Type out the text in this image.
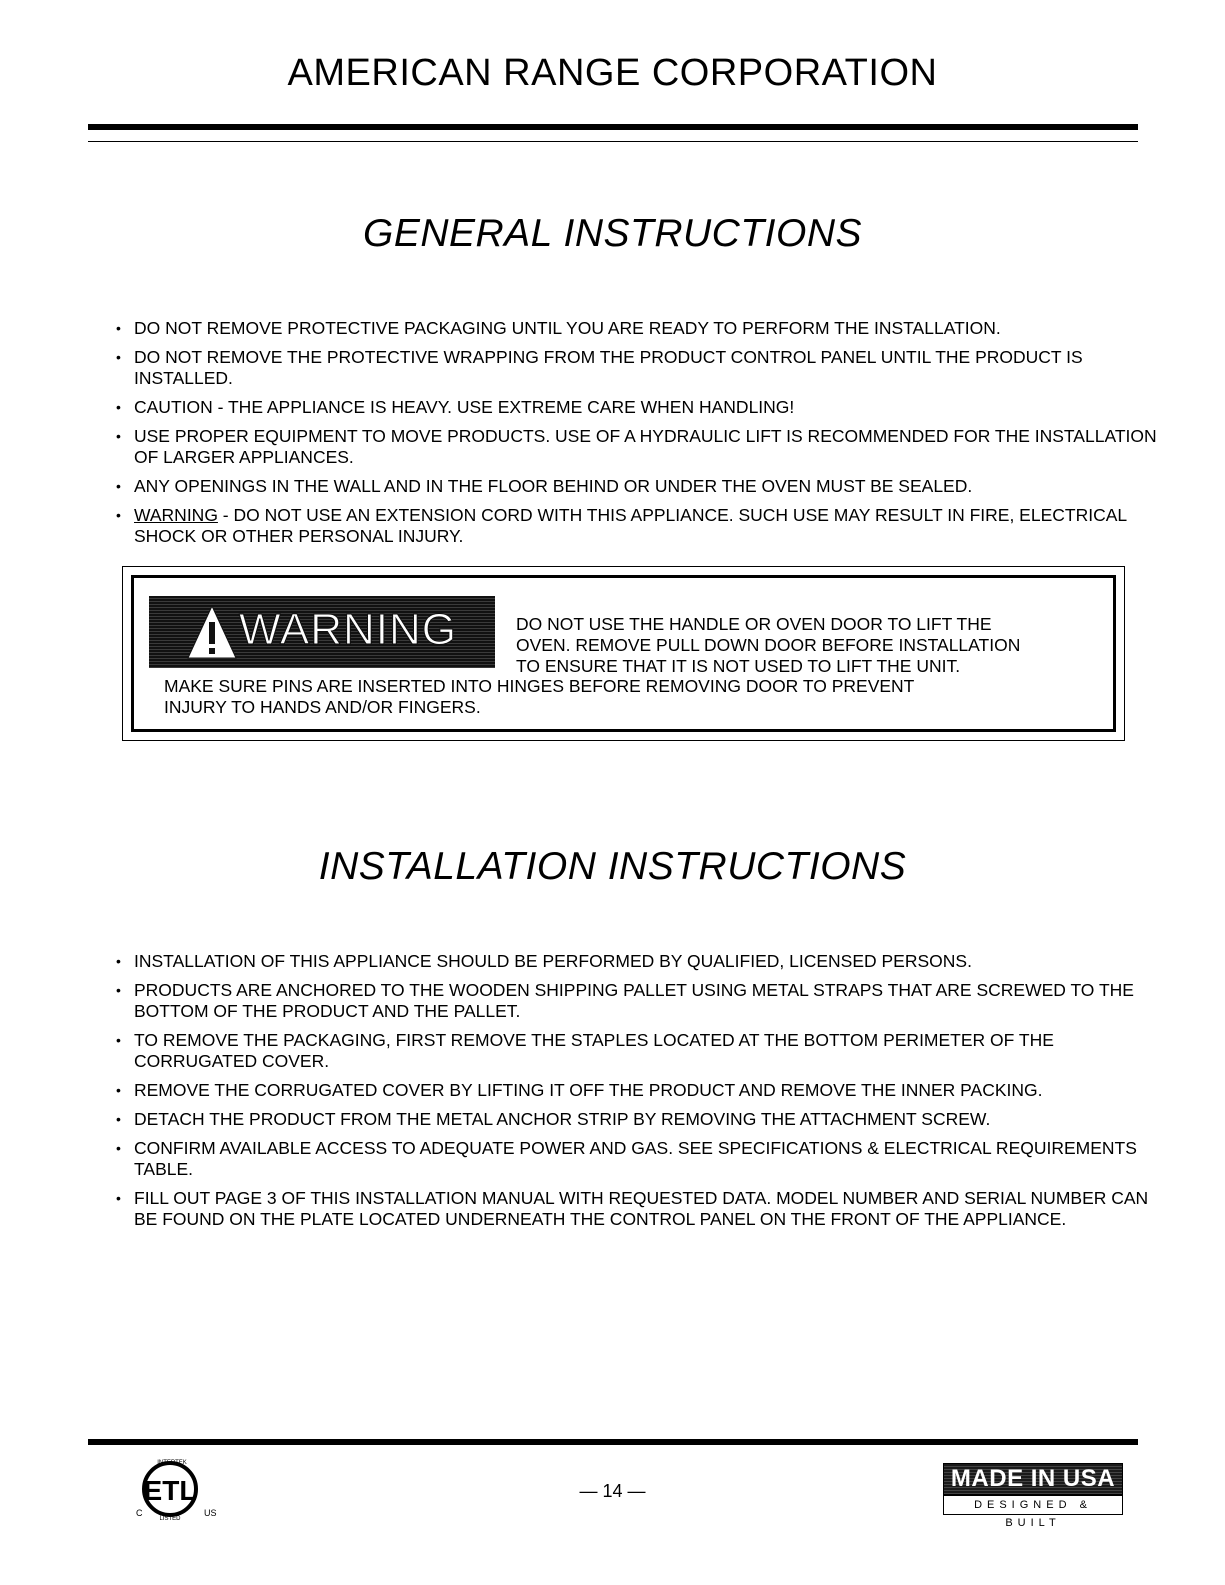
AMERICAN RANGE CORPORATION
GENERAL INSTRUCTIONS
• DO NOT REMOVE PROTECTIVE PACKAGING UNTIL YOU ARE READY TO PERFORM THE INSTALLATION.
• DO NOT REMOVE THE PROTECTIVE WRAPPING FROM THE PRODUCT CONTROL PANEL UNTIL THE PRODUCT IS INSTALLED.
• CAUTION - THE APPLIANCE IS HEAVY. USE EXTREME CARE WHEN HANDLING!
• USE PROPER EQUIPMENT TO MOVE PRODUCTS. USE OF A HYDRAULIC LIFT IS RECOMMENDED FOR THE INSTALLATION OF LARGER APPLIANCES.
• ANY OPENINGS IN THE WALL AND IN THE FLOOR BEHIND OR UNDER THE OVEN MUST BE SEALED.
• WARNING - DO NOT USE AN EXTENSION CORD WITH THIS APPLIANCE. SUCH USE MAY RESULT IN FIRE, ELECTRICAL SHOCK OR OTHER PERSONAL INJURY.
WARNING	DO NOT USE THE HANDLE OR OVEN DOOR TO LIFT THE
OVEN. REMOVE PULL DOWN DOOR BEFORE INSTALLATION
TO ENSURE THAT IT IS NOT USED TO LIFT THE UNIT.
MAKE SURE PINS ARE INSERTED INTO HINGES BEFORE REMOVING DOOR TO PREVENT
INJURY TO HANDS AND/OR FINGERS.
INSTALLATION INSTRUCTIONS
• INSTALLATION OF THIS APPLIANCE SHOULD BE PERFORMED BY QUALIFIED, LICENSED PERSONS.
• PRODUCTS ARE ANCHORED TO THE WOODEN SHIPPING PALLET USING METAL STRAPS THAT ARE SCREWED TO THE BOTTOM OF THE PRODUCT AND THE PALLET.
• TO REMOVE THE PACKAGING, FIRST REMOVE THE STAPLES LOCATED AT THE BOTTOM PERIMETER OF THE CORRUGATED COVER.
• REMOVE THE CORRUGATED COVER BY LIFTING IT OFF THE PRODUCT AND REMOVE THE INNER PACKING.
• DETACH THE PRODUCT FROM THE METAL ANCHOR STRIP BY REMOVING THE ATTACHMENT SCREW.
• CONFIRM AVAILABLE ACCESS TO ADEQUATE POWER AND GAS. SEE SPECIFICATIONS & ELECTRICAL REQUIREMENTS TABLE.
• FILL OUT PAGE 3 OF THIS INSTALLATION MANUAL WITH REQUESTED DATA. MODEL NUMBER AND SERIAL NUMBER CAN BE FOUND ON THE PLATE LOCATED UNDERNEATH THE CONTROL PANEL ON THE FRONT OF THE APPLIANCE.
ETL
INTERTEK
C	US
LISTED
— 14 —	MADE IN USA
DESIGNED & BUILT
